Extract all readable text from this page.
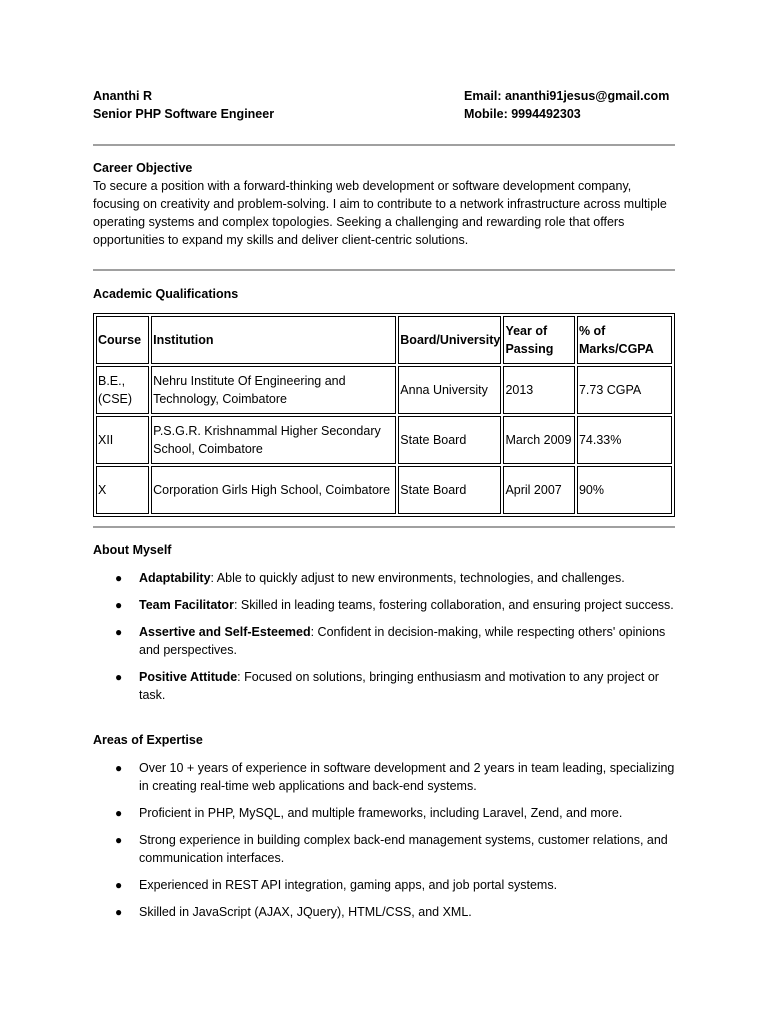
Ananthi R	Email: ananthi91jesus@gmail.com
Senior PHP Software Engineer	Mobile: 9994492303
Career Objective
To secure a position with a forward-thinking web development or software development company, focusing on creativity and problem-solving. I aim to contribute to a network infrastructure across multiple operating systems and complex topologies. Seeking a challenging and rewarding role that offers opportunities to expand my skills and deliver client-centric solutions.
Academic Qualifications
Course	Institution	Board/University	Year of Passing	% of Marks/CGPA
B.E., (CSE)	Nehru Institute Of Engineering and Technology, Coimbatore	Anna University	2013	7.73 CGPA
XII	P.S.G.R. Krishnammal Higher Secondary School, Coimbatore	State Board	March 2009	74.33%
X	Corporation Girls High School, Coimbatore	State Board	April 2007	90%
About Myself
● Adaptability: Able to quickly adjust to new environments, technologies, and challenges.
● Team Facilitator: Skilled in leading teams, fostering collaboration, and ensuring project success.
● Assertive and Self-Esteemed: Confident in decision-making, while respecting others' opinions and perspectives.
● Positive Attitude: Focused on solutions, bringing enthusiasm and motivation to any project or task.
Areas of Expertise
● Over 10 + years of experience in software development and 2 years in team leading, specializing in creating real-time web applications and back-end systems.
● Proficient in PHP, MySQL, and multiple frameworks, including Laravel, Zend, and more.
● Strong experience in building complex back-end management systems, customer relations, and communication interfaces.
● Experienced in REST API integration, gaming apps, and job portal systems.
● Skilled in JavaScript (AJAX, JQuery), HTML/CSS, and XML.
